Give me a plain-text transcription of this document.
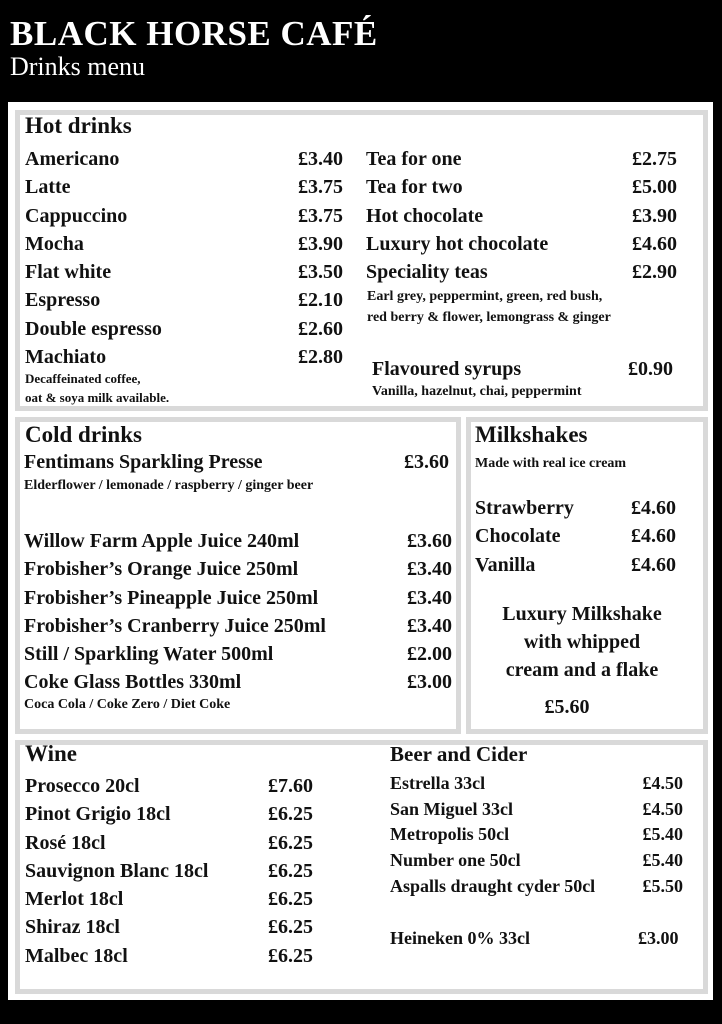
BLACK HORSE CAFÉ
Drinks menu
Hot drinks
Americano	£3.40
Latte	£3.75
Cappuccino	£3.75
Mocha	£3.90
Flat white	£3.50
Espresso	£2.10
Double espresso	£2.60
Machiato	£2.80
Decaffeinated coffee,
oat & soya milk available.
Tea for one	£2.75
Tea for two	£5.00
Hot chocolate	£3.90
Luxury hot chocolate	£4.60
Speciality teas	£2.90
Earl grey, peppermint, green, red bush,
red berry & flower, lemongrass & ginger
Flavoured syrups	£0.90
Vanilla, hazelnut, chai, peppermint
Cold drinks
Fentimans Sparkling Presse	£3.60
Elderflower / lemonade / raspberry / ginger beer
Willow Farm Apple Juice 240ml	£3.60
Frobisher’s Orange Juice 250ml	£3.40
Frobisher’s Pineapple Juice 250ml	£3.40
Frobisher’s Cranberry Juice 250ml	£3.40
Still / Sparkling Water 500ml	£2.00
Coke Glass Bottles 330ml	£3.00
Coca Cola / Coke Zero / Diet Coke
Milkshakes
Made with real ice cream
Strawberry	£4.60
Chocolate	£4.60
Vanilla	£4.60
Luxury Milkshake
with whipped
cream and a flake
£5.60
Wine
Prosecco 20cl	£7.60
Pinot Grigio 18cl	£6.25
Rosé 18cl	£6.25
Sauvignon Blanc 18cl	£6.25
Merlot 18cl	£6.25
Shiraz 18cl	£6.25
Malbec 18cl	£6.25
Beer and Cider
Estrella 33cl	£4.50
San Miguel 33cl	£4.50
Metropolis 50cl	£5.40
Number one 50cl	£5.40
Aspalls draught cyder 50cl	£5.50
Heineken 0% 33cl	£3.00
